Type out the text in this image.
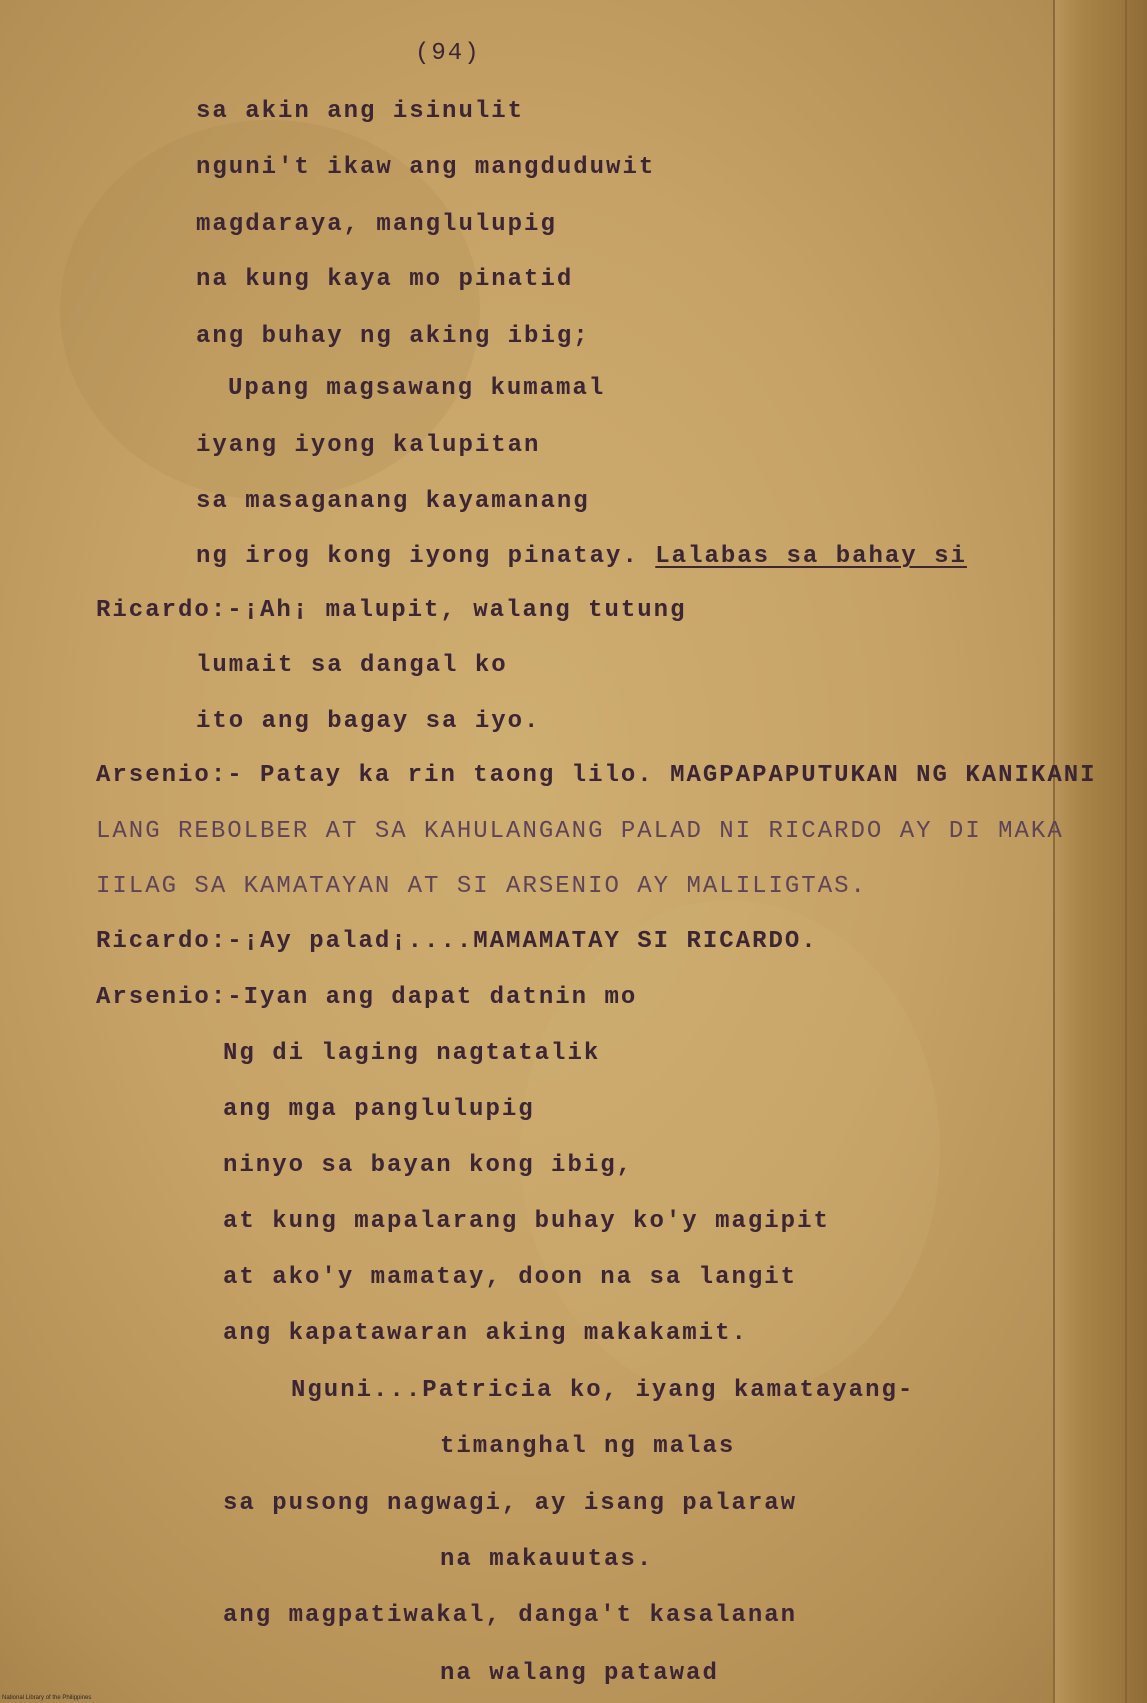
(94)
sa akin ang isinulit
nguni't ikaw ang mangduduwit
magdaraya, manglulupig
na kung kaya mo pinatid
ang buhay ng aking ibig;
Upang magsawang kumamal
iyang iyong kalupitan
sa masaganang kayamanang
ng irog kong iyong pinatay. Lalabas sa bahay si
Ricardo:-¡Ah¡ malupit, walang tutung
lumait sa dangal ko
ito ang bagay sa iyo.
Arsenio:- Patay ka rin taong lilo. MAGPAPAPUTUKAN NG KANIKANI
LANG REBOLBER AT SA KAHULANGANG PALAD NI RICARDO AY DI MAKA
IILAG SA KAMATAYAN AT SI ARSENIO AY MALILIGTAS.
Ricardo:-¡Ay palad¡....MAMAMATAY SI RICARDO.
Arsenio:-Iyan ang dapat datnin mo
Ng di laging nagtatalik
ang mga panglulupig
ninyo sa bayan kong ibig,
at kung mapalarang buhay ko'y magipit
at ako'y mamatay, doon na sa langit
ang kapatawaran aking makakamit.
Nguni...Patricia ko, iyang kamatayang-
timanghal ng malas
sa pusong nagwagi, ay isang palaraw
na makauutas.
ang magpatiwakal, danga't kasalanan
na walang patawad
National Library of the Philippines
